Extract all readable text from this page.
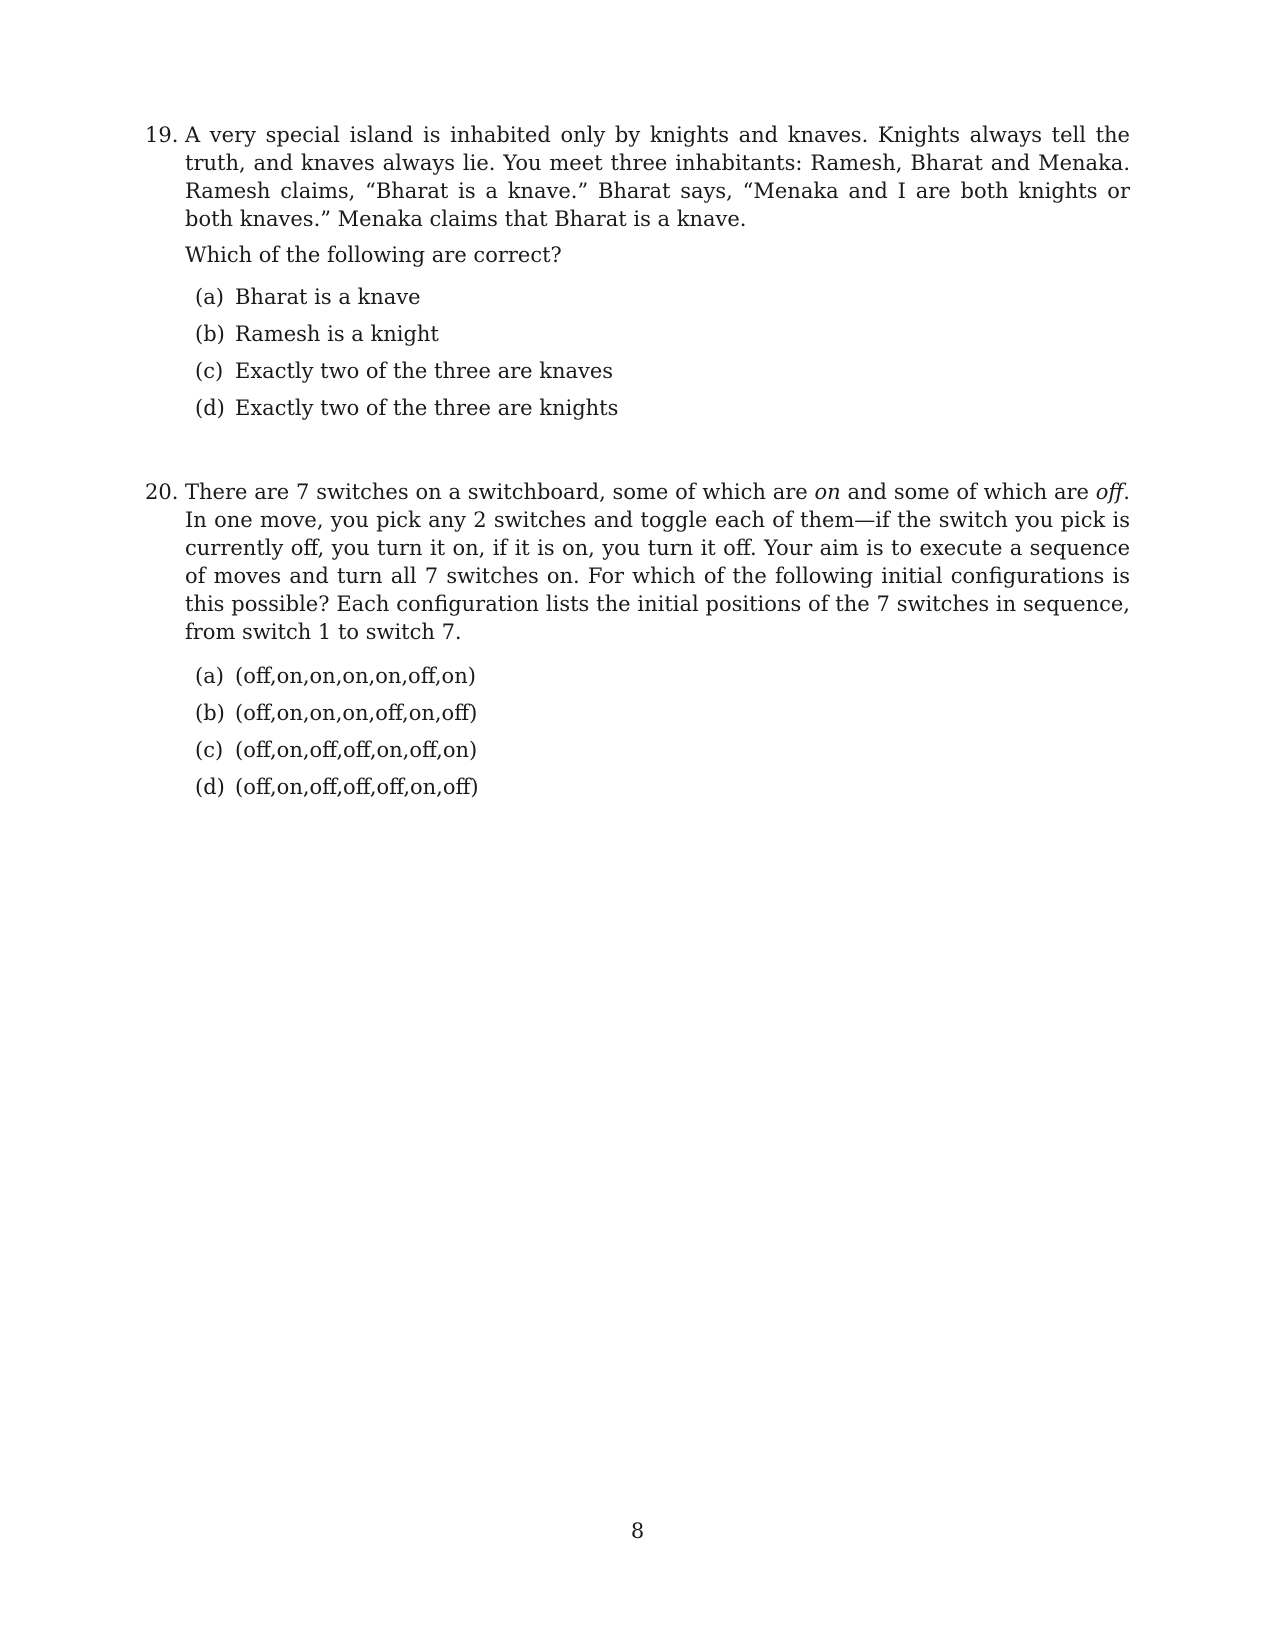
19. A very special island is inhabited only by knights and knaves. Knights always tell the truth, and knaves always lie. You meet three inhabitants: Ramesh, Bharat and Menaka. Ramesh claims, “Bharat is a knave.” Bharat says, “Menaka and I are both knights or both knaves.” Menaka claims that Bharat is a knave.

Which of the following are correct?

(a) Bharat is a knave
(b) Ramesh is a knight
(c) Exactly two of the three are knaves
(d) Exactly two of the three are knights
20. There are 7 switches on a switchboard, some of which are on and some of which are off. In one move, you pick any 2 switches and toggle each of them—if the switch you pick is currently off, you turn it on, if it is on, you turn it off. Your aim is to execute a sequence of moves and turn all 7 switches on. For which of the following initial configurations is this possible? Each configuration lists the initial positions of the 7 switches in sequence, from switch 1 to switch 7.

(a) (off,on,on,on,on,off,on)
(b) (off,on,on,on,off,on,off)
(c) (off,on,off,off,on,off,on)
(d) (off,on,off,off,off,on,off)
8
